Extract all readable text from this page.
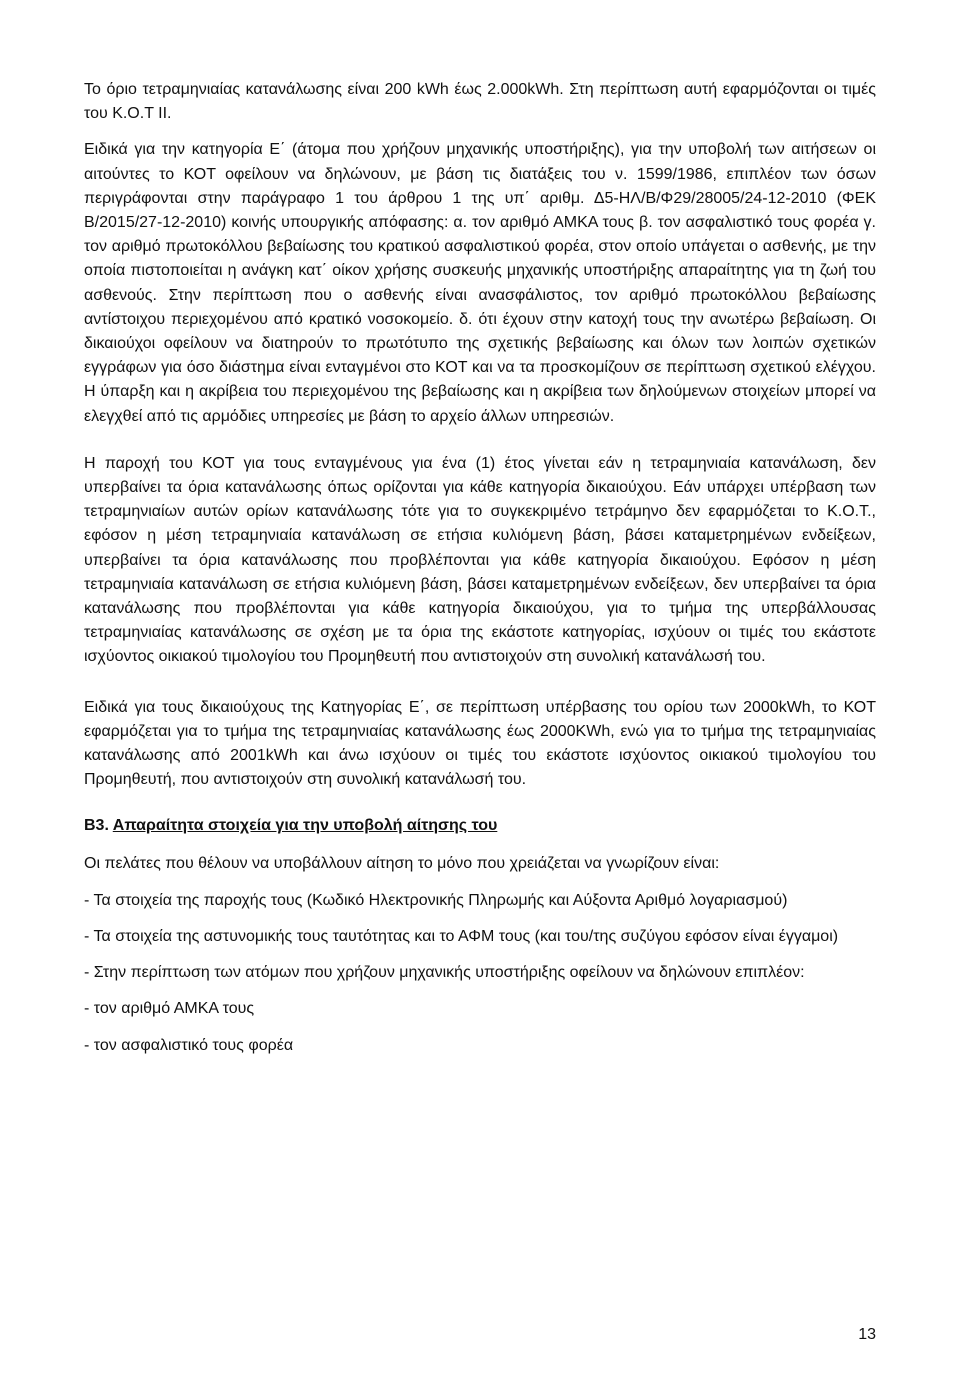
Το όριο τετραμηνιαίας κατανάλωσης είναι 200 kWh έως 2.000kWh. Στη περίπτωση αυτή εφαρμόζονται οι τιμές του Κ.Ο.Τ ΙΙ.

Ειδικά για την κατηγορία Ε΄ (άτομα που χρήζουν μηχανικής υποστήριξης), για την υποβολή των αιτήσεων οι αιτούντες το ΚΟΤ οφείλουν να δηλώνουν, με βάση τις διατάξεις του ν. 1599/1986, επιπλέον των όσων περιγράφονται στην παράγραφο 1 του άρθρου 1 της υπ΄ αριθμ. Δ5-ΗΛ/Β/Φ29/28005/24-12-2010 (ΦΕΚ Β/2015/27-12-2010) κοινής υπουργικής απόφασης: α. τον αριθμό ΑΜΚΑ τους β. τον ασφαλιστικό τους φορέα γ. τον αριθμό πρωτοκόλλου βεβαίωσης του κρατικού ασφαλιστικού φορέα, στον οποίο υπάγεται ο ασθενής, με την οποία πιστοποιείται η ανάγκη κατ΄ οίκον χρήσης συσκευής μηχανικής υποστήριξης απαραίτητης για τη ζωή του ασθενούς. Στην περίπτωση που ο ασθενής είναι ανασφάλιστος, τον αριθμό πρωτοκόλλου βεβαίωσης αντίστοιχου περιεχομένου από κρατικό νοσοκομείο. δ. ότι έχουν στην κατοχή τους την ανωτέρω βεβαίωση. Οι δικαιούχοι οφείλουν να διατηρούν το πρωτότυπο της σχετικής βεβαίωσης και όλων των λοιπών σχετικών εγγράφων για όσο διάστημα είναι ενταγμένοι στο ΚΟΤ και να τα προσκομίζουν σε περίπτωση σχετικού ελέγχου. Η ύπαρξη και η ακρίβεια του περιεχομένου της βεβαίωσης και η ακρίβεια των δηλούμενων στοιχείων μπορεί να ελεγχθεί από τις αρμόδιες υπηρεσίες με βάση το αρχείο άλλων υπηρεσιών.

Η παροχή του ΚΟΤ για τους ενταγμένους για ένα (1) έτος γίνεται εάν η τετραμηνιαία κατανάλωση, δεν υπερβαίνει τα όρια κατανάλωσης όπως ορίζονται για κάθε κατηγορία δικαιούχου. Εάν υπάρχει υπέρβαση των τετραμηνιαίων αυτών ορίων κατανάλωσης τότε για το συγκεκριμένο τετράμηνο δεν εφαρμόζεται το Κ.Ο.Τ., εφόσον η μέση τετραμηνιαία κατανάλωση σε ετήσια κυλιόμενη βάση, βάσει καταμετρημένων ενδείξεων, υπερβαίνει τα όρια κατανάλωσης που προβλέπονται για κάθε κατηγορία δικαιούχου. Εφόσον η μέση τετραμηνιαία κατανάλωση σε ετήσια κυλιόμενη βάση, βάσει καταμετρημένων ενδείξεων, δεν υπερβαίνει τα όρια κατανάλωσης που προβλέπονται για κάθε κατηγορία δικαιούχου, για το τμήμα της υπερβάλλουσας τετραμηνιαίας κατανάλωσης σε σχέση με τα όρια της εκάστοτε κατηγορίας, ισχύουν οι τιμές του εκάστοτε ισχύοντος οικιακού τιμολογίου του Προμηθευτή που αντιστοιχούν στη συνολική κατανάλωσή του.

Ειδικά για τους δικαιούχους της Κατηγορίας Ε΄, σε περίπτωση υπέρβασης του ορίου των 2000kWh, το ΚΟΤ εφαρμόζεται για το τμήμα της τετραμηνιαίας κατανάλωσης έως 2000KWh, ενώ για το τμήμα της τετραμηνιαίας κατανάλωσης από 2001kWh και άνω ισχύουν οι τιμές του εκάστοτε ισχύοντος οικιακού τιμολογίου του Προμηθευτή, που αντιστοιχούν στη συνολική κατανάλωσή του.

Β3. Απαραίτητα στοιχεία για την υποβολή αίτησης του

Οι πελάτες που θέλουν να υποβάλλουν αίτηση το μόνο που χρειάζεται να γνωρίζουν είναι:

- Τα στοιχεία της παροχής τους (Κωδικό Ηλεκτρονικής Πληρωμής και Αύξοντα Αριθμό λογαριασμού)

- Τα στοιχεία της αστυνομικής τους ταυτότητας και το ΑΦΜ τους (και του/της συζύγου εφόσον είναι έγγαμοι)

- Στην περίπτωση των ατόμων που χρήζουν μηχανικής υποστήριξης οφείλουν να δηλώνουν επιπλέον:

- τον αριθμό ΑΜΚΑ τους

- τον ασφαλιστικό τους φορέα

13
